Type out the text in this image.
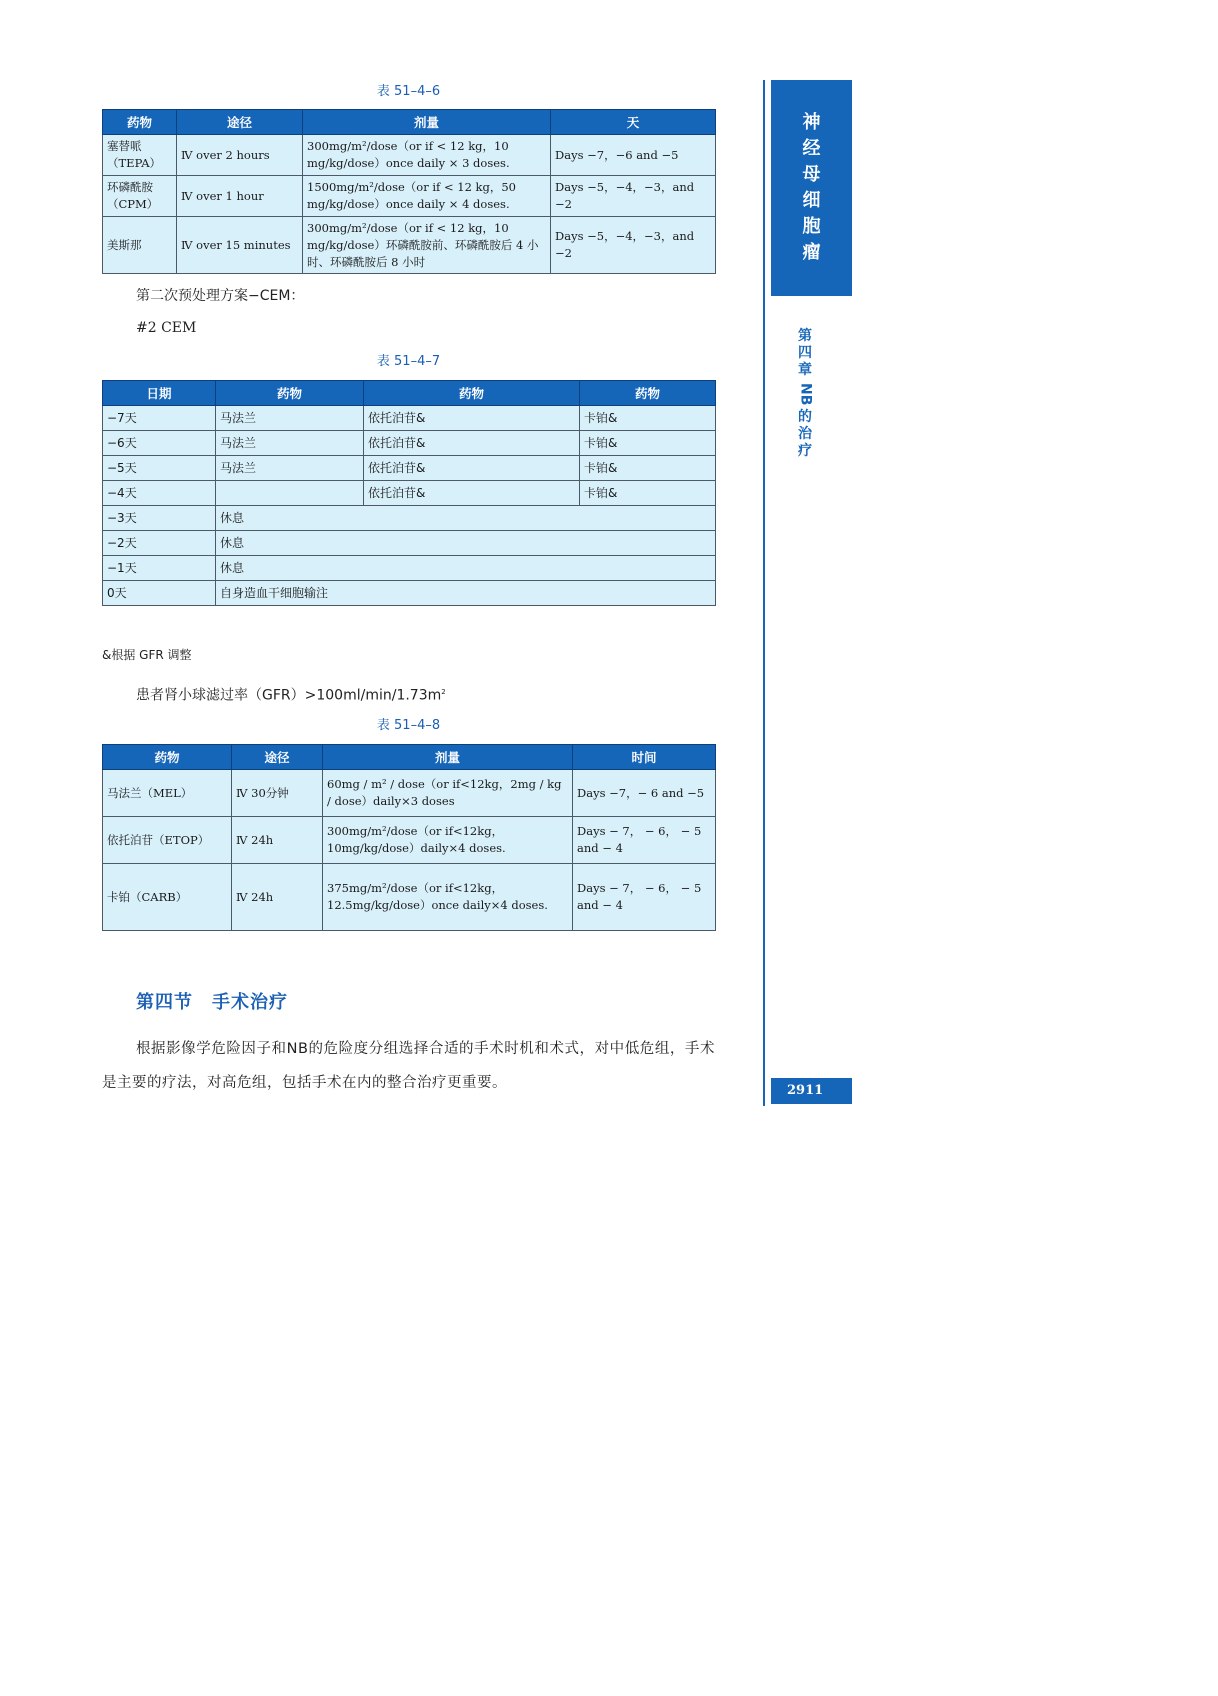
表 51–4–6
药物	途径	剂量	天
塞替哌（TEPA）	Ⅳ over 2 hours	300mg/m²/dose（or if < 12 kg，10 mg/kg/dose）once daily × 3 doses.	Days −7，−6 and −5
环磷酰胺（CPM）	Ⅳ over 1 hour	1500mg/m²/dose（or if < 12 kg，50 mg/kg/dose）once daily × 4 doses.	Days −5，−4，−3，and −2
美斯那	Ⅳ over 15 minutes	300mg/m²/dose（or if < 12 kg，10 mg/kg/dose）环磷酰胺前、环磷酰胺后 4 小时、环磷酰胺后 8 小时	Days −5，−4，−3，and −2
第二次预处理方案−CEM：
#2 CEM
表 51–4–7
日期	药物	药物	药物
−7天	马法兰	依托泊苷&	卡铂&
−6天	马法兰	依托泊苷&	卡铂&
−5天	马法兰	依托泊苷&	卡铂&
−4天		依托泊苷&	卡铂&
−3天	休息		
−2天	休息		
−1天	休息		
0天	自身造血干细胞输注		
&根据 GFR 调整
患者肾小球滤过率$(GFR)>100ml/\min/1.73m^2$
表 51–4–8
药物	途径	剂量	时间
马法兰（MEL）	Ⅳ 30分钟	60mg / m² / dose（or if<12kg，2mg / kg / dose）daily×3 doses	Days −7，− 6 and −5
依托泊苷（ETOP）	Ⅳ 24h	300mg/m²/dose（or if<12kg，10mg/kg/dose）daily×4 doses.	Days − 7， − 6， − 5 and − 4
卡铂（CARB）	Ⅳ 24h	375mg/m²/dose（or if<12kg，12.5mg/kg/dose）once daily×4 doses.	Days − 7， − 6， − 5 and − 4
第四节　手术治疗
根据影像学危险因子和NB的危险度分组选择合适的手术时机和术式，对中低危组，手术是主要的疗法，对高危组，包括手术在内的整合治疗更重要。
神
经
母
细
胞
瘤
第
四
章
NB
的
治
疗
2911
